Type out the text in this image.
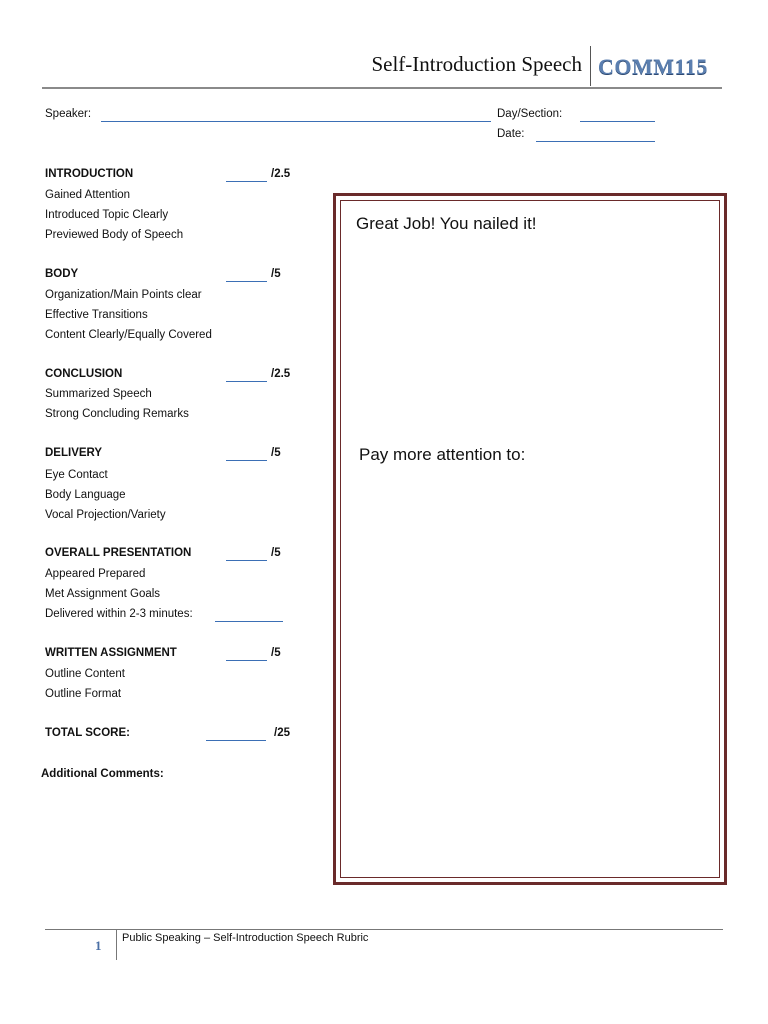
Self-Introduction Speech COMM115
Speaker:	Day/Section:
Date:
INTRODUCTION	/2.5
Gained Attention
Introduced Topic Clearly
Previewed Body of Speech
BODY	/5
Organization/Main Points clear
Effective Transitions
Content Clearly/Equally Covered
CONCLUSION	/2.5
Summarized Speech
Strong Concluding Remarks
DELIVERY	/5
Eye Contact
Body Language
Vocal Projection/Variety
OVERALL PRESENTATION	/5
Appeared Prepared
Met Assignment Goals
Delivered within 2-3 minutes:
WRITTEN ASSIGNMENT	/5
Outline Content
Outline Format
TOTAL SCORE:	/25
Additional Comments:
Great Job! You nailed it!
Pay more attention to:
1 Public Speaking – Self-Introduction Speech Rubric
